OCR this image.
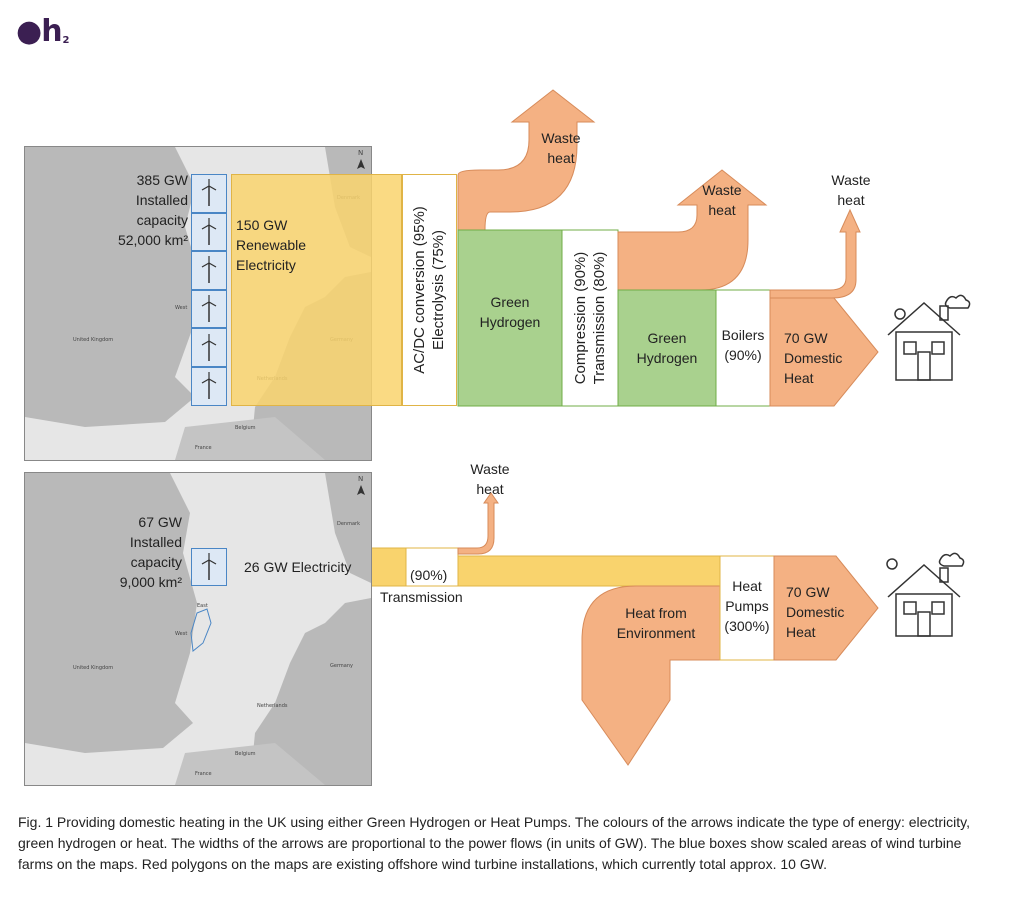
$●h_2$
United Kingdom
Belgium
France
West
N
150 GW
Renewable
Electricity
385 GW
Installed
capacity
52,000 km²	AC/DC conversion (95%) Electrolysis (75%)
Waste
heat
Green
Hydrogen	Compression (90%) Transmission (80%)
Waste
heat
Green
Hydrogen
Boilers
(90%)
Waste
heat
70 GW
Domestic
Heat
United Kingdom
Denmark
Germany
Netherlands
Belgium
France
West
East
N
67 GW
Installed
capacity
9,000 km²
26 GW Electricity	(90%)
Transmission
Waste
heat
Heat from
Environment
Heat
Pumps
(300%)
70 GW
Domestic
Heat
Fig. 1 Providing domestic heating in the UK using either Green Hydrogen or Heat Pumps. The colours of the arrows indicate the type of energy: electricity, green hydrogen or heat. The widths of the arrows are proportional to the power flows (in units of GW). The blue boxes show scaled areas of wind turbine farms on the maps. Red polygons on the maps are existing offshore wind turbine installations, which currently total approx. 10 GW.
